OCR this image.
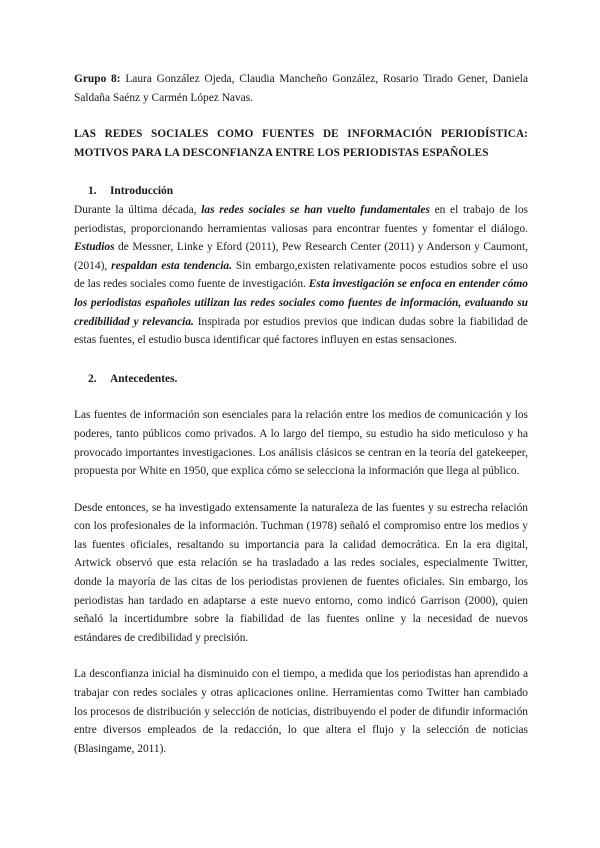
Grupo 8: Laura González Ojeda, Claudia Mancheño González, Rosario Tirado Gener, Daniela Saldaña Saénz y Carmén López Navas.

LAS REDES SOCIALES COMO FUENTES DE INFORMACIÓN PERIODÍSTICA: MOTIVOS PARA LA DESCONFIANZA ENTRE LOS PERIODISTAS ESPAÑOLES

1. Introducción

Durante la última década, las redes sociales se han vuelto fundamentales en el trabajo de los periodistas, proporcionando herramientas valiosas para encontrar fuentes y fomentar el diálogo. Estudios de Messner, Linke y Eford (2011), Pew Research Center (2011) y Anderson y Caumont, (2014), respaldan esta tendencia. Sin embargo,existen relativamente pocos estudios sobre el uso de las redes sociales como fuente de investigación. Esta investigación se enfoca en entender cómo los periodistas españoles utilizan las redes sociales como fuentes de información, evaluando su credibilidad y relevancia. Inspirada por estudios previos que indican dudas sobre la fiabilidad de estas fuentes, el estudio busca identificar qué factores influyen en estas sensaciones.

2. Antecedentes.

Las fuentes de información son esenciales para la relación entre los medios de comunicación y los poderes, tanto públicos como privados. A lo largo del tiempo, su estudio ha sido meticuloso y ha provocado importantes investigaciones. Los análisis clásicos se centran en la teoría del gatekeeper, propuesta por White en 1950, que explica cómo se selecciona la información que llega al público.

Desde entonces, se ha investigado extensamente la naturaleza de las fuentes y su estrecha relación con los profesionales de la información. Tuchman (1978) señaló el compromiso entre los medios y las fuentes oficiales, resaltando su importancia para la calidad democrática. En la era digital, Artwick observó que esta relación se ha trasladado a las redes sociales, especialmente Twitter, donde la mayoría de las citas de los periodistas provienen de fuentes oficiales. Sin embargo, los periodistas han tardado en adaptarse a este nuevo entorno, como indicó Garrison (2000), quien señaló la incertidumbre sobre la fiabilidad de las fuentes online y la necesidad de nuevos estándares de credibilidad y precisión.

La desconfianza inicial ha disminuido con el tiempo, a medida que los periodistas han aprendido a trabajar con redes sociales y otras aplicaciones online. Herramientas como Twitter han cambiado los procesos de distribución y selección de noticias, distribuyendo el poder de difundir información entre diversos empleados de la redacción, lo que altera el flujo y la selección de noticias (Blasingame, 2011).
